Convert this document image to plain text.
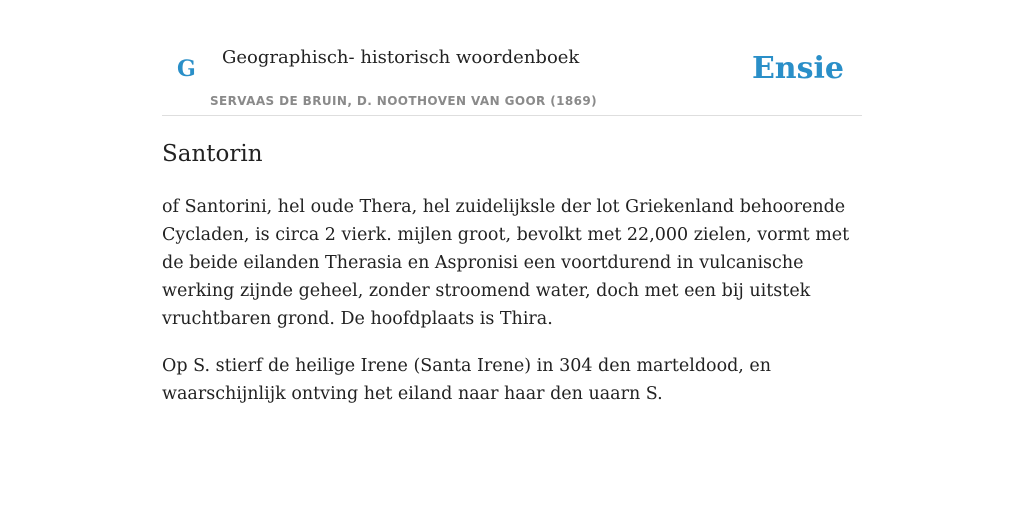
G Geographisch- historisch woordenboek
SERVAAS DE BRUIN, D. NOOTHOVEN VAN GOOR (1869)
Ensie
Santorin

of Santorini, hel oude Thera, hel zuidelijksle der lot Griekenland behoorende Cycladen, is circa 2 vierk. mijlen groot, bevolkt met 22,000 zielen, vormt met de beide eilanden Therasia en Aspronisi een voortdurend in vulcanische werking zijnde geheel, zonder stroomend water, doch met een bij uitstek vruchtbaren grond. De hoofdplaats is Thira.

Op S. stierf de heilige Irene (Santa Irene) in 304 den marteldood, en waarschijnlijk ontving het eiland naar haar den uaarn S.
